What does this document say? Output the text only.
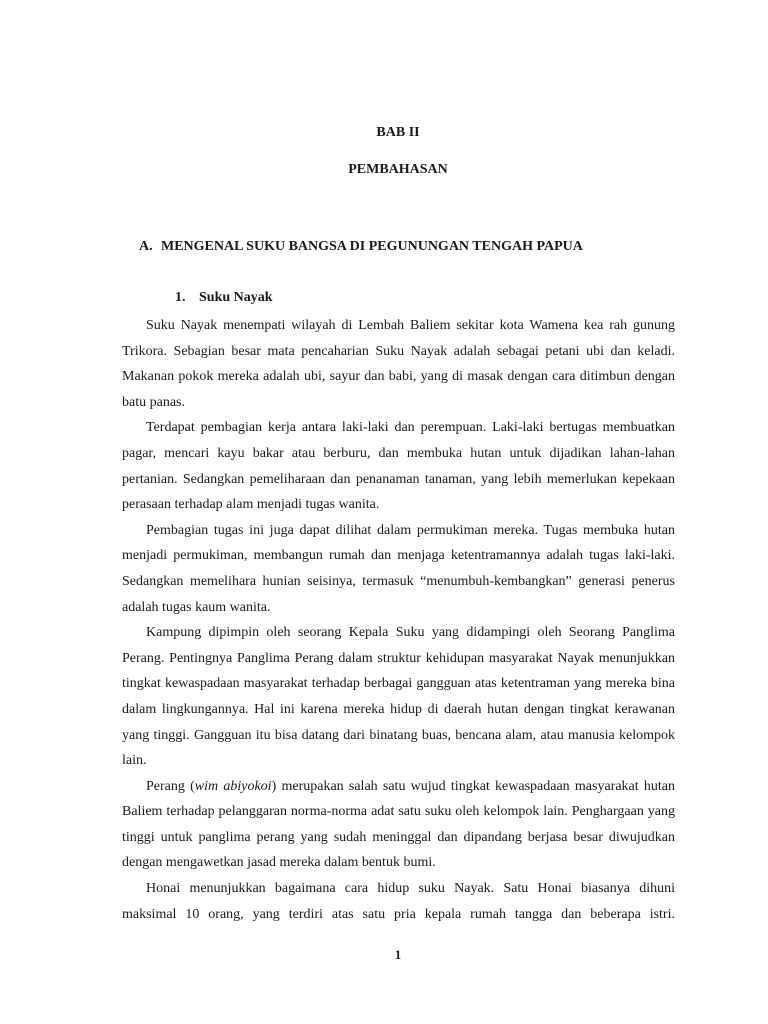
BAB II
PEMBAHASAN
A. MENGENAL SUKU BANGSA DI PEGUNUNGAN TENGAH PAPUA
1. Suku Nayak

Suku Nayak menempati wilayah di Lembah Baliem sekitar kota Wamena kea rah gunung Trikora. Sebagian besar mata pencaharian Suku Nayak adalah sebagai petani ubi dan keladi. Makanan pokok mereka adalah ubi, sayur dan babi, yang di masak dengan cara ditimbun dengan batu panas.

Terdapat pembagian kerja antara laki-laki dan perempuan. Laki-laki bertugas membuatkan pagar, mencari kayu bakar atau berburu, dan membuka hutan untuk dijadikan lahan-lahan pertanian. Sedangkan pemeliharaan dan penanaman tanaman, yang lebih memerlukan kepekaan perasaan terhadap alam menjadi tugas wanita.

Pembagian tugas ini juga dapat dilihat dalam permukiman mereka. Tugas membuka hutan menjadi permukiman, membangun rumah dan menjaga ketentramannya adalah tugas laki-laki. Sedangkan memelihara hunian seisinya, termasuk “menumbuh-kembangkan” generasi penerus adalah tugas kaum wanita.

Kampung dipimpin oleh seorang Kepala Suku yang didampingi oleh Seorang Panglima Perang. Pentingnya Panglima Perang dalam struktur kehidupan masyarakat Nayak menunjukkan tingkat kewaspadaan masyarakat terhadap berbagai gangguan atas ketentraman yang mereka bina dalam lingkungannya. Hal ini karena mereka hidup di daerah hutan dengan tingkat kerawanan yang tinggi. Gangguan itu bisa datang dari binatang buas, bencana alam, atau manusia kelompok lain.

Perang (wim abiyokoi) merupakan salah satu wujud tingkat kewaspadaan masyarakat hutan Baliem terhadap pelanggaran norma-norma adat satu suku oleh kelompok lain. Penghargaan yang tinggi untuk panglima perang yang sudah meninggal dan dipandang berjasa besar diwujudkan dengan mengawetkan jasad mereka dalam bentuk bumi.

Honai menunjukkan bagaimana cara hidup suku Nayak. Satu Honai biasanya dihuni maksimal 10 orang, yang terdiri atas satu pria kepala rumah tangga dan beberapa istri.

1
